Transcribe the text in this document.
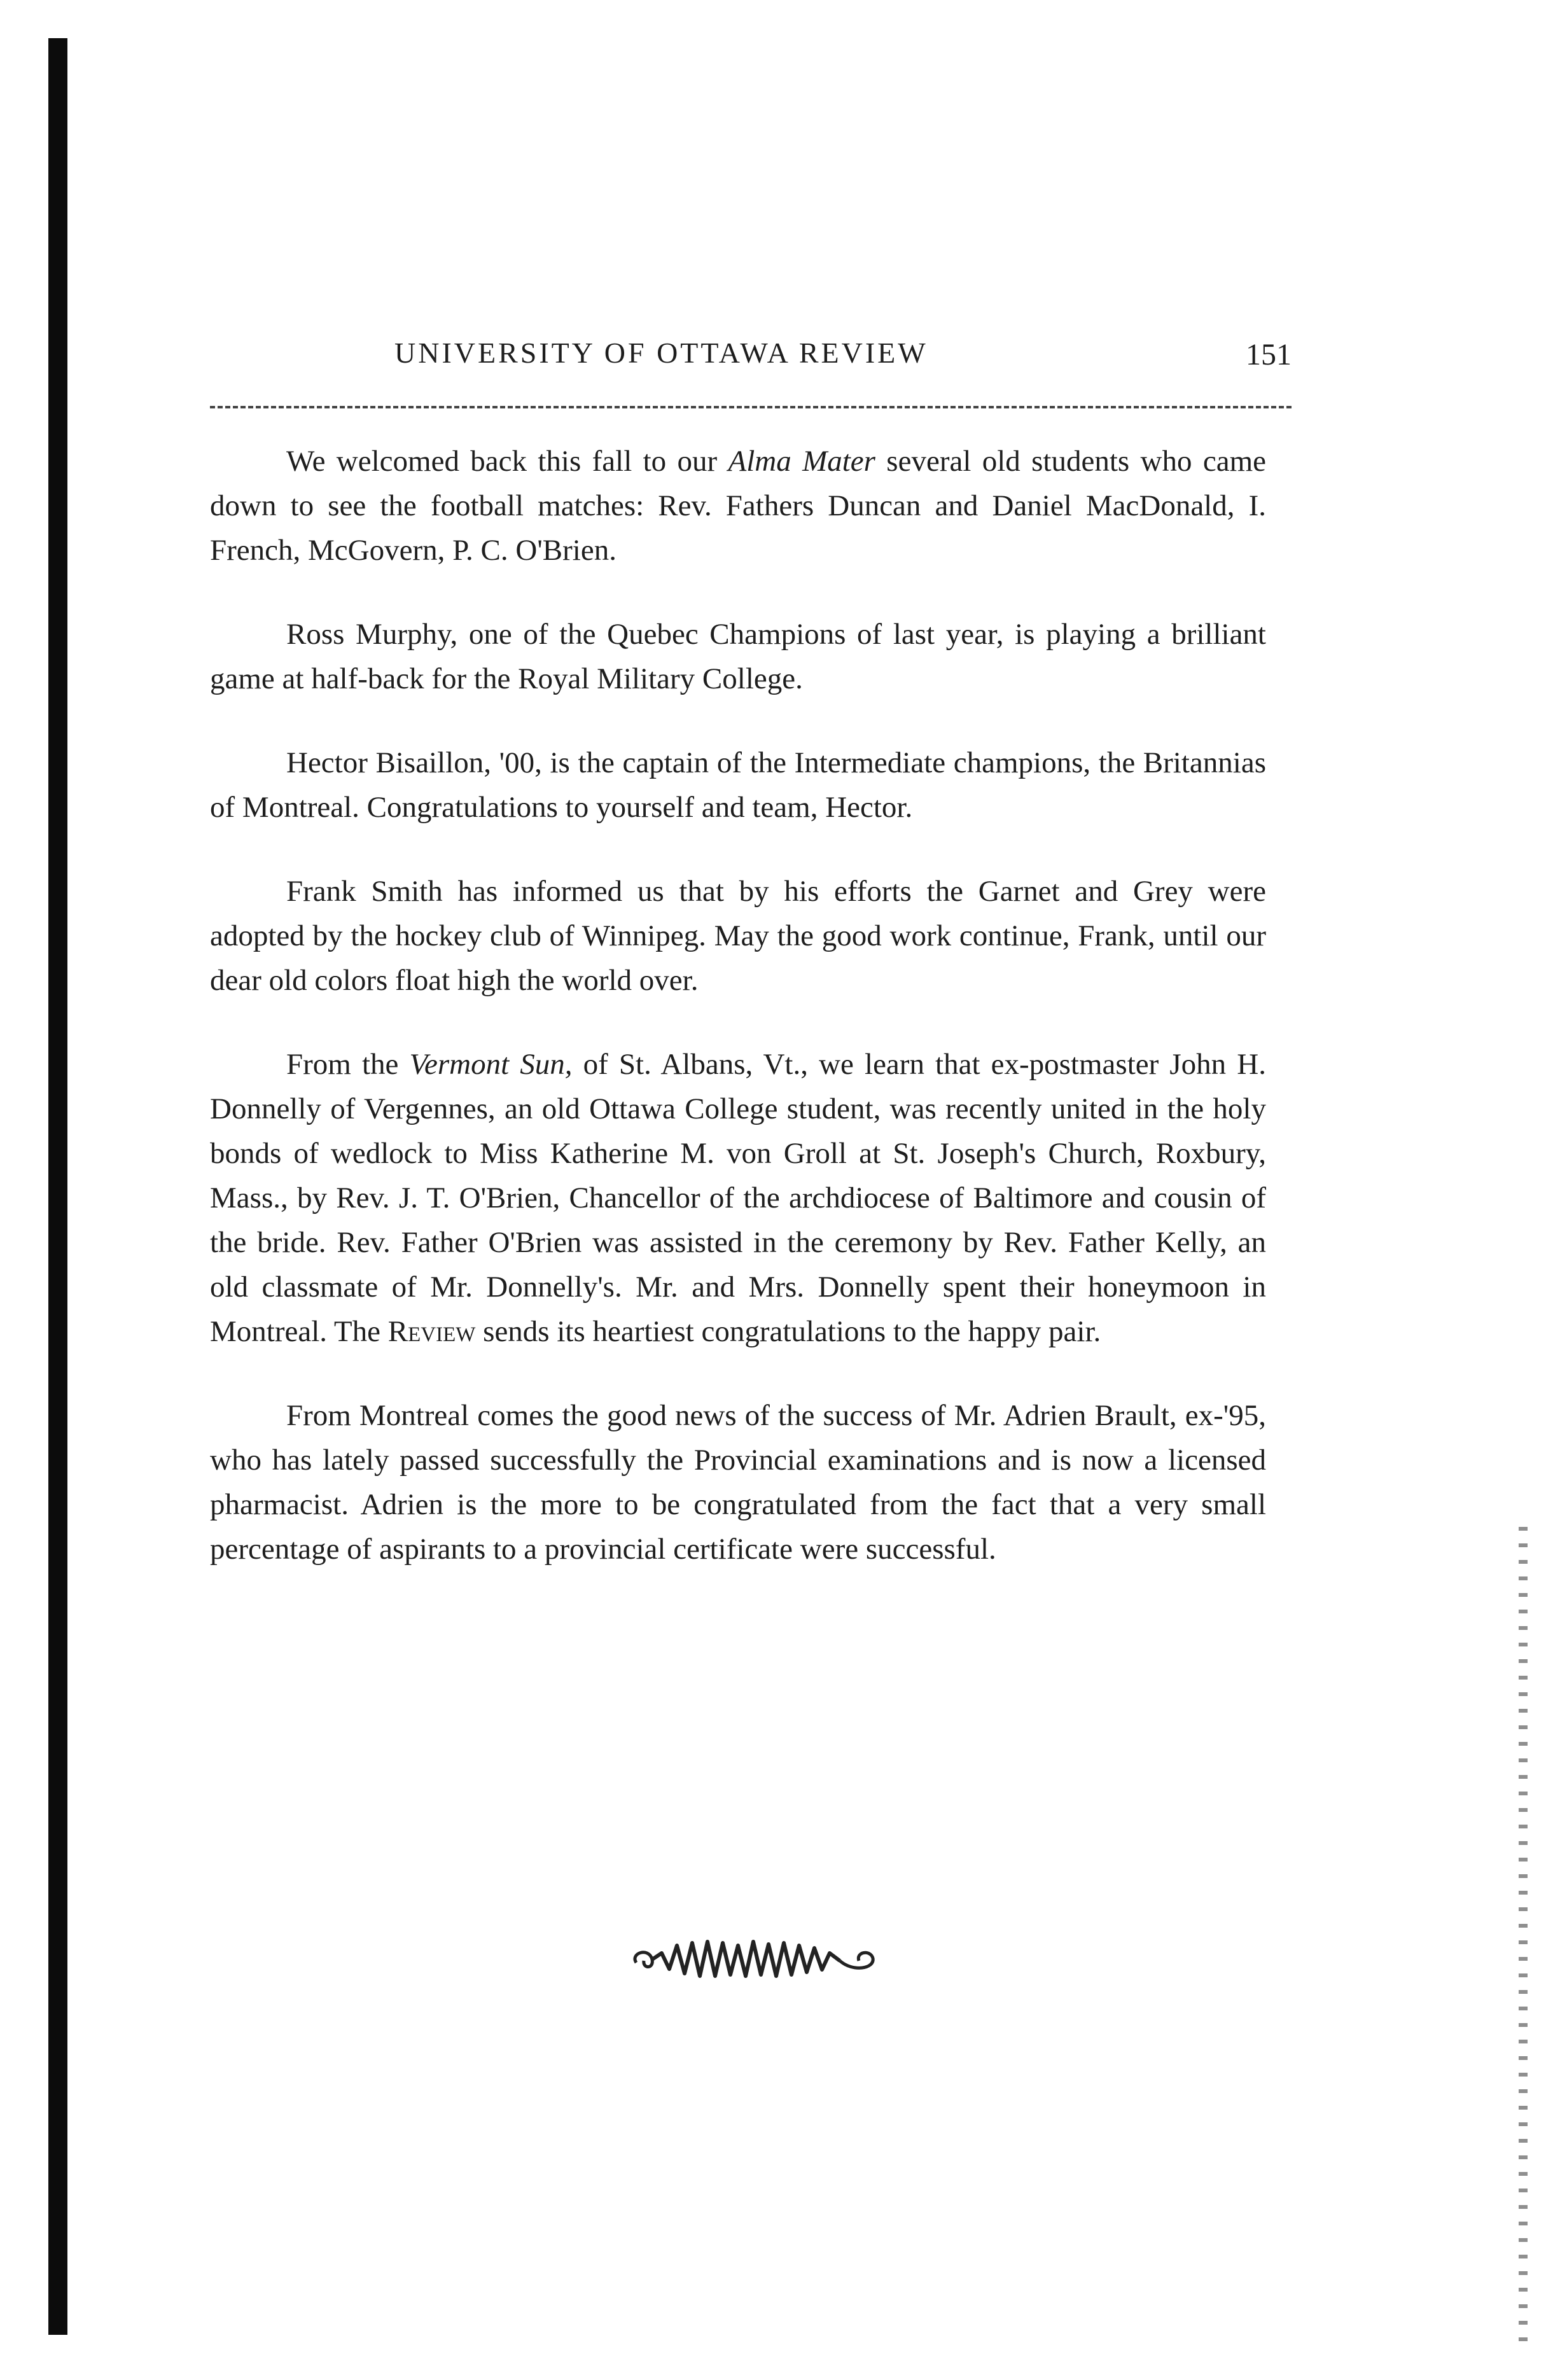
UNIVERSITY OF OTTAWA REVIEW	151

We welcomed back this fall to our Alma Mater several old students who came down to see the football matches: Rev. Fathers Duncan and Daniel MacDonald, I. French, McGovern, P. C. O'Brien.

Ross Murphy, one of the Quebec Champions of last year, is playing a brilliant game at half-back for the Royal Military College.

Hector Bisaillon, '00, is the captain of the Intermediate champions, the Britannias of Montreal. Congratulations to yourself and team, Hector.

Frank Smith has informed us that by his efforts the Garnet and Grey were adopted by the hockey club of Winnipeg. May the good work continue, Frank, until our dear old colors float high the world over.

From the Vermont Sun, of St. Albans, Vt., we learn that ex-postmaster John H. Donnelly of Vergennes, an old Ottawa College student, was recently united in the holy bonds of wedlock to Miss Katherine M. von Groll at St. Joseph's Church, Roxbury, Mass., by Rev. J. T. O'Brien, Chancellor of the archdiocese of Baltimore and cousin of the bride. Rev. Father O'Brien was assisted in the ceremony by Rev. Father Kelly, an old classmate of Mr. Donnelly's. Mr. and Mrs. Donnelly spent their honeymoon in Montreal. The Review sends its heartiest congratulations to the happy pair.

From Montreal comes the good news of the success of Mr. Adrien Brault, ex-'95, who has lately passed successfully the Provincial examinations and is now a licensed pharmacist. Adrien is the more to be congratulated from the fact that a very small percentage of aspirants to a provincial certificate were successful.
